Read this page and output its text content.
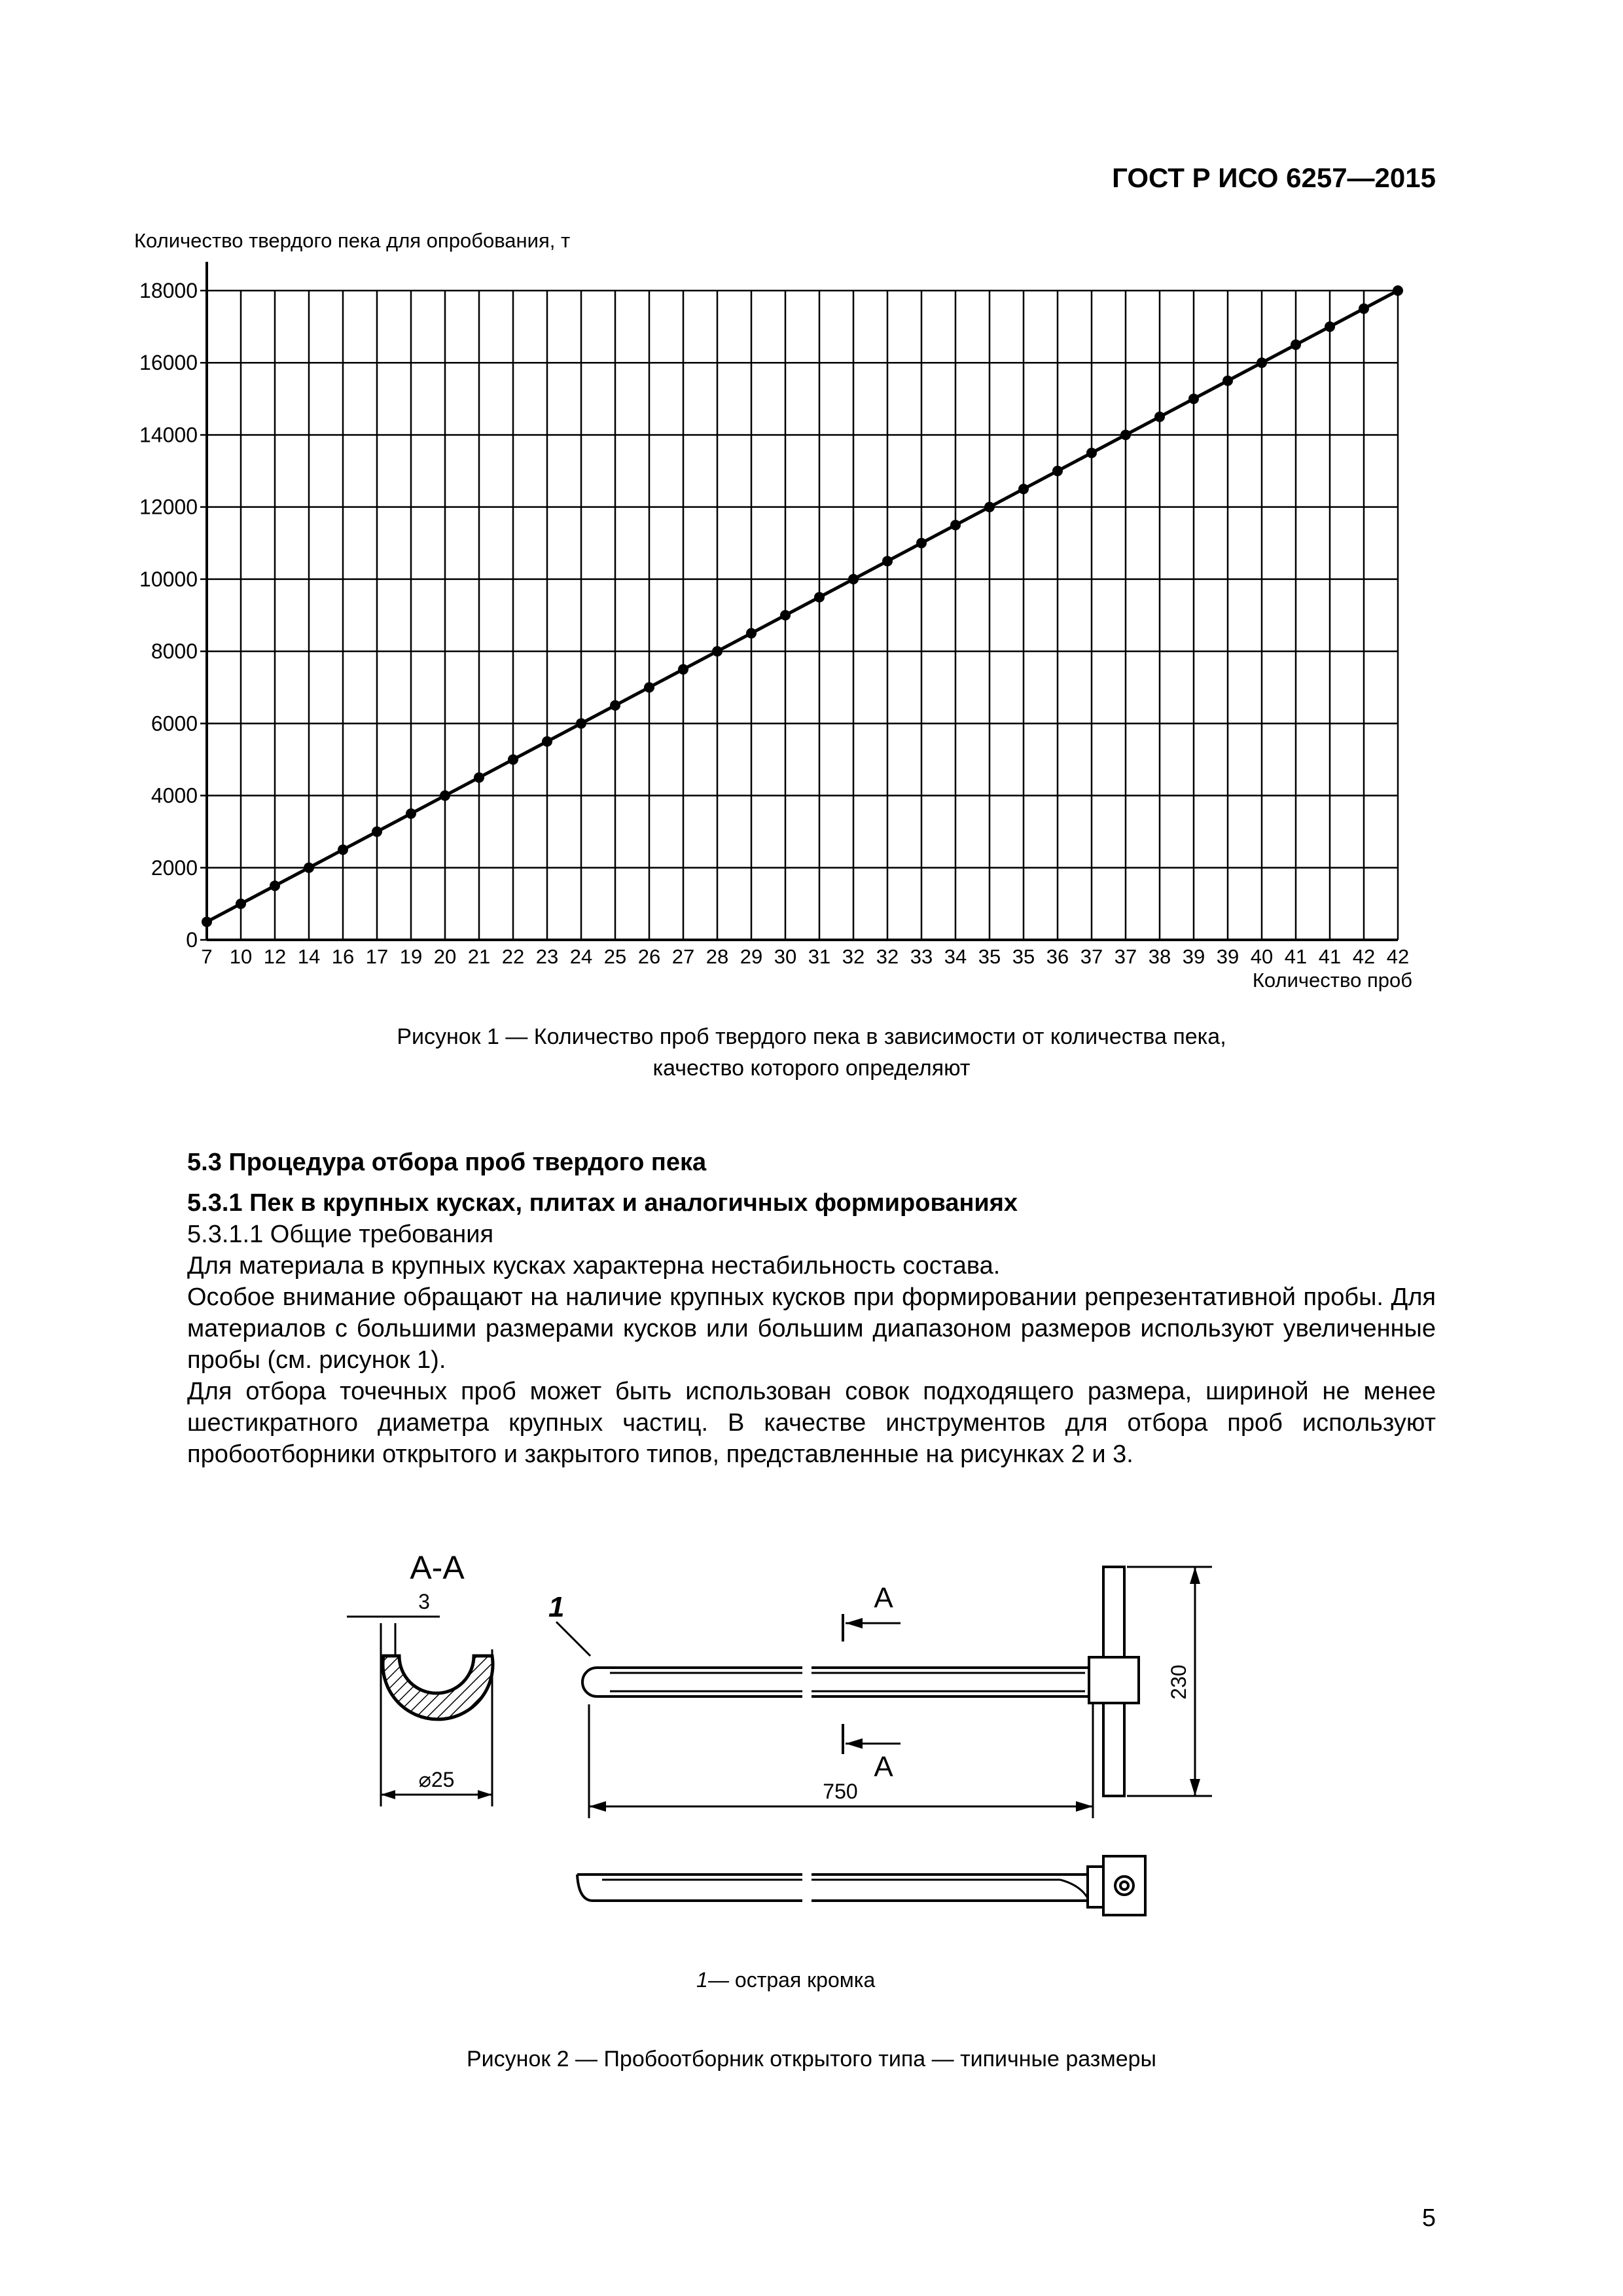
ГОСТ Р ИСО 6257—2015
Количество твердого пека для опробования, т
0
2000
4000
6000
8000
10000
12000
14000
16000
18000
7 10 12 14 16 17 19 20 21 22 23 24 25 26 27 28 29 30 31 32 32 33 34 35 35 36 37 37 38 39 39 40 41 41 42 42
Количество проб
Рисунок 1 — Количество проб твердого пека в зависимости от количества пека,
качество которого определяют

5.3 Процедура отбора проб твердого пека

5.3.1 Пек в крупных кусках, плитах и аналогичных формированиях

5.3.1.1 Общие требования

Для материала в крупных кусках характерна нестабильность состава.

Особое внимание обращают на наличие крупных кусков при формировании репрезентативной пробы. Для материалов с большими размерами кусков или большим диапазоном размеров используют увеличенные пробы (см. рисунок 1).

Для отбора точечных проб может быть использован совок подходящего размера, шириной не менее шестикратного диаметра крупных частиц. В качестве инструментов для отбора проб используют пробоотборники открытого и закрытого типов, представленные на рисунках 2 и 3.

А-А
3
⌀25
1	А
А
750
230
1 — острая кромка
Рисунок 2 — Пробоотборник открытого типа — типичные размеры
5
